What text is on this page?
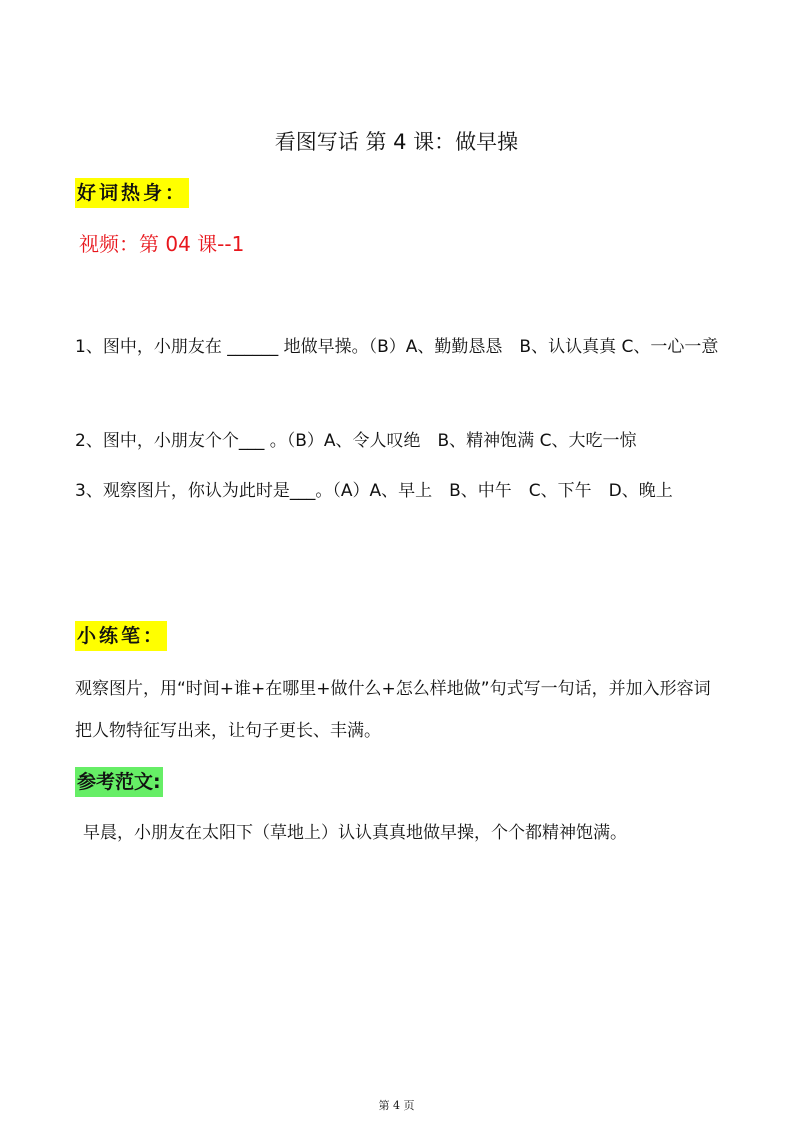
看图写话 第 4 课：做早操
好词热身：
视频：第 04 课--1
1、图中，小朋友在 ______ 地做早操。（B）A、勤勤恳恳　B、认认真真 C、一心一意
2、图中，小朋友个个___ 。（B）A、令人叹绝　B、精神饱满 C、大吃一惊
3、观察图片，你认为此时是___。（A）A、早上　B、中午　C、下午　D、晚上
小练笔：
观察图片，用“时间+谁+在哪里+做什么+怎么样地做”句式写一句话，并加入形容词把人物特征写出来，让句子更长、丰满。
参考范文:
早晨，小朋友在太阳下（草地上）认认真真地做早操，个个都精神饱满。
第 4 页
